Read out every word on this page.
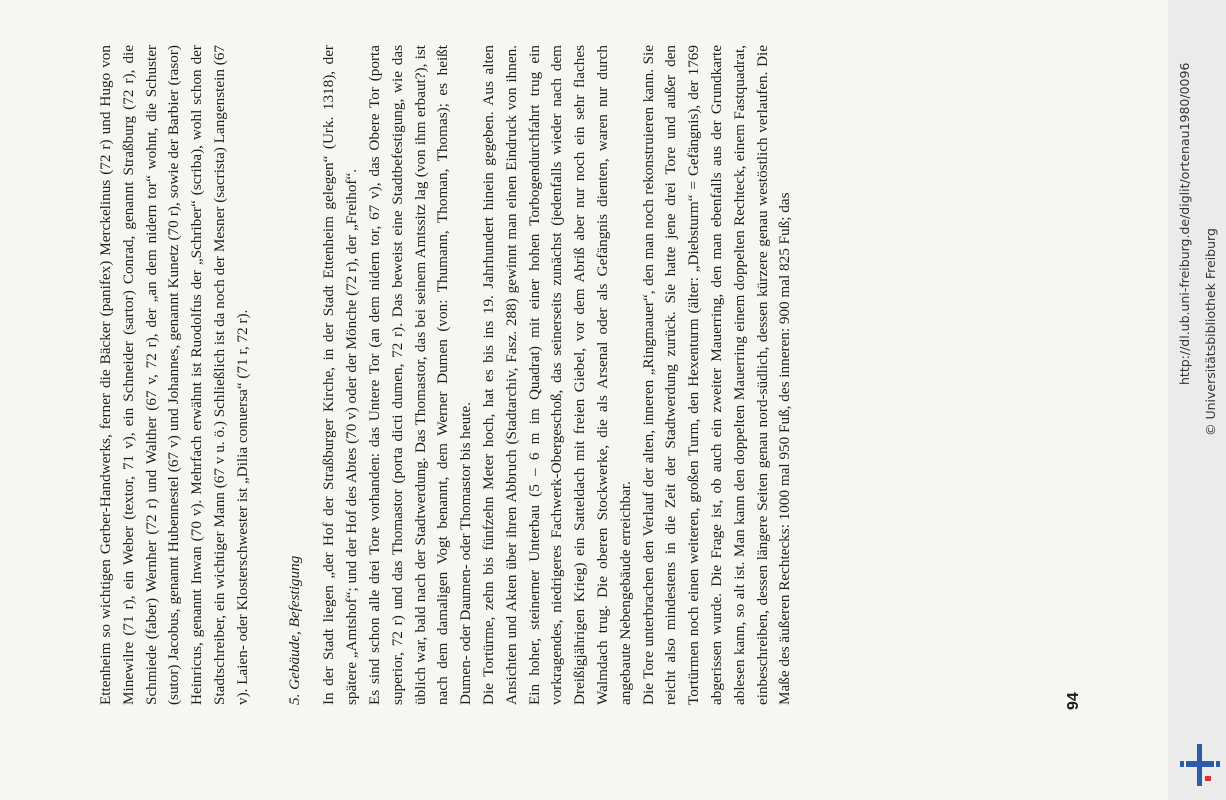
Ettenheim so wichtigen Gerber-Handwerks, ferner die Bäcker (panifex) Merckelinus (72 r) und Hugo von Minewilre (71 r), ein Weber (textor, 71 v), ein Schneider (sartor) Conrad, genannt Straßburg (72 r), die Schmiede (faber) Wernher (72 r) und Walther (67 v, 72 r), der „an dem nidern tor“ wohnt, die Schuster (sutor) Jacobus, genannt Hubennestel (67 v) und Johannes, genannt Kunetz (70 r), sowie der Barbier (rasor) Heinricus, genannt Inwan (70 v). Mehrfach erwähnt ist Ruodolfus der „Schriber“ (scriba), wohl schon der Stadtschreiber, ein wichtiger Mann (67 v u. ö.) Schließlich ist da noch der Mesner (sacrista) Langenstein (67 v). Laien- oder Klosterschwester ist „Dilia conuersa“ (71 r, 72 r). 5. Gebäude, Befestigung In der Stadt liegen „der Hof der Straßburger Kirche, in der Stadt Ettenheim gelegen“ (Urk. 1318), der spätere „Amtshof“; und der Hof des Abtes (70 v) oder der Mönche (72 r), der „Freihof“. Es sind schon alle drei Tore vorhanden: das Untere Tor (an dem nidern tor, 67 v), das Obere Tor (porta superior, 72 r) und das Thomastor (porta dicti dumen, 72 r). Das beweist eine Stadtbefestigung, wie das üblich war, bald nach der Stadtwerdung. Das Thomastor, das bei seinem Amtssitz lag (von ihm erbaut?), ist nach dem damaligen Vogt benannt, dem Werner Dumen (von: Thumann, Thoman, Thomas); es heißt Dumen- oder Daumen- oder Thomastor bis heute. Die Tortürme, zehn bis fünfzehn Meter hoch, hat es bis ins 19. Jahrhundert hinein gegeben. Aus alten Ansichten und Akten über ihren Abbruch (Stadtarchiv, Fasz. 288) gewinnt man einen Eindruck von ihnen. Ein hoher, steinerner Unterbau (5 – 6 m im Quadrat) mit einer hohen Torbogendurchfahrt trug ein vorkragendes, niedrigeres Fachwerk-Obergeschoß, das seinerseits zunächst (jedenfalls wieder nach dem Dreißigjährigen Krieg) ein Satteldach mit freien Giebel, vor dem Abriß aber nur noch ein sehr flaches Walmdach trug. Die oberen Stockwerke, die als Arsenal oder als Gefängnis dienten, waren nur durch angebaute Nebengebäude erreichbar. Die Tore unterbrachen den Verlauf der alten, inneren „Ringmauer“, den man noch rekonstruieren kann. Sie reicht also mindestens in die Zeit der Stadtwerdung zurück. Sie hatte jene drei Tore und außer den Tortürmen noch einen weiteren, großen Turm, den Hexenturm (älter: „Diebsturm“ = Gefängnis), der 1769 abgerissen wurde. Die Frage ist, ob auch ein zweiter Mauerring, den man ebenfalls aus der Grundkarte ablesen kann, so alt ist. Man kann den doppelten Mauerring einem doppelten Rechteck, einem Fastquadrat, einbeschreiben, dessen längere Seiten genau nord-südlich, dessen kürzere genau westöstlich verlaufen. Die Maße des äußeren Rechtecks: 1000 mal 950 Fuß, des inneren: 900 mal 825 Fuß; das	94
http://dl.ub.uni-freiburg.de/diglit/ortenau1980/0096 © Universitätsbibliothek Freiburg
